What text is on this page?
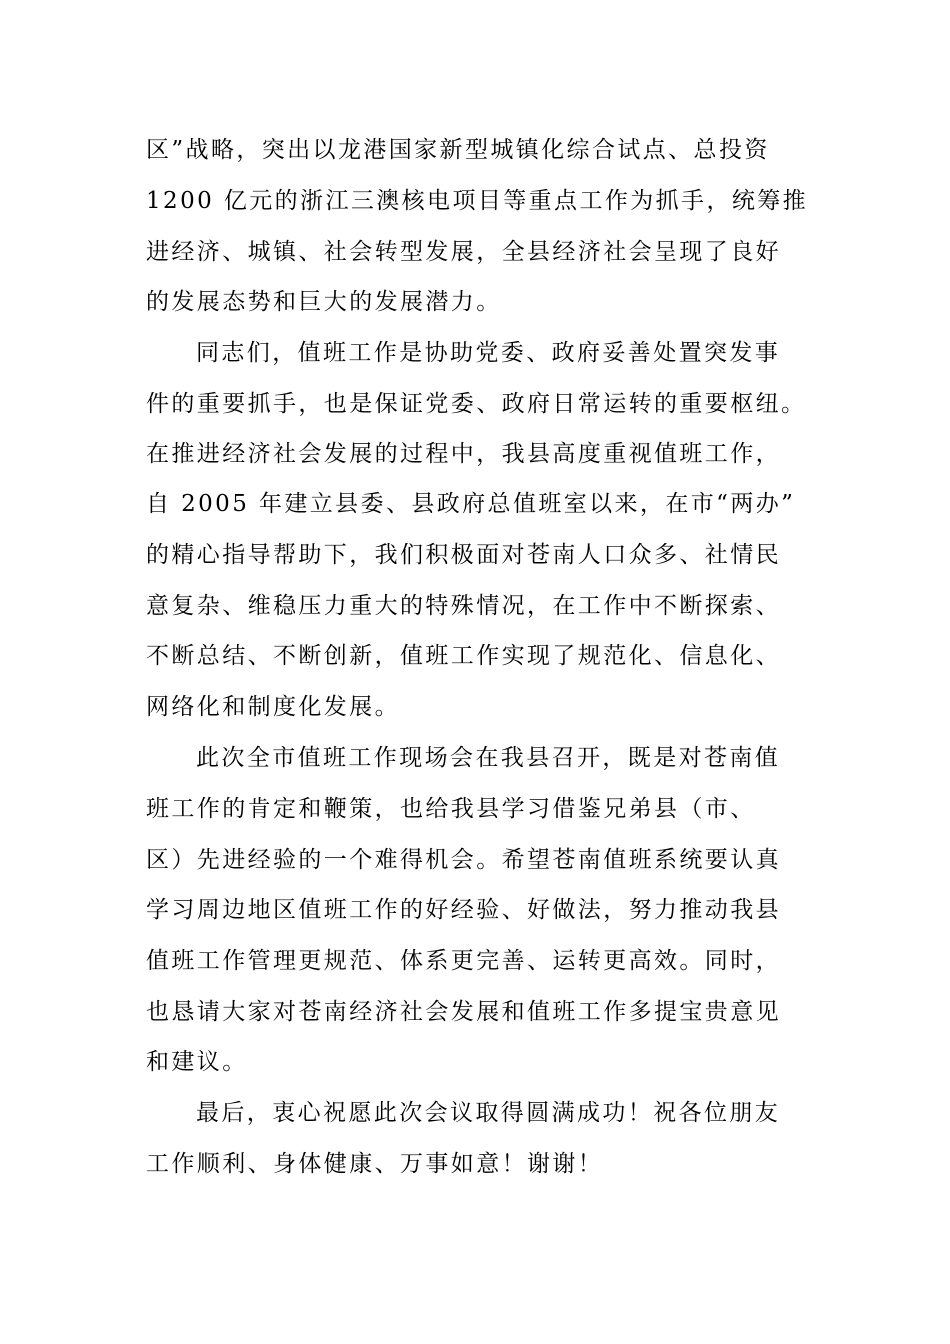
区”战略，突出以龙港国家新型城镇化综合试点、总投资
1200 亿元的浙江三澳核电项目等重点工作为抓手，统筹推
进经济、城镇、社会转型发展，全县经济社会呈现了良好
的发展态势和巨大的发展潜力。
同志们，值班工作是协助党委、政府妥善处置突发事
件的重要抓手，也是保证党委、政府日常运转的重要枢纽。
在推进经济社会发展的过程中，我县高度重视值班工作，
自 2005 年建立县委、县政府总值班室以来，在市“两办”
的精心指导帮助下，我们积极面对苍南人口众多、社情民
意复杂、维稳压力重大的特殊情况，在工作中不断探索、
不断总结、不断创新，值班工作实现了规范化、信息化、
网络化和制度化发展。
此次全市值班工作现场会在我县召开，既是对苍南值
班工作的肯定和鞭策，也给我县学习借鉴兄弟县（市、
区）先进经验的一个难得机会。希望苍南值班系统要认真
学习周边地区值班工作的好经验、好做法，努力推动我县
值班工作管理更规范、体系更完善、运转更高效。同时，
也恳请大家对苍南经济社会发展和值班工作多提宝贵意见
和建议。
最后，衷心祝愿此次会议取得圆满成功！祝各位朋友
工作顺利、身体健康、万事如意！谢谢！
